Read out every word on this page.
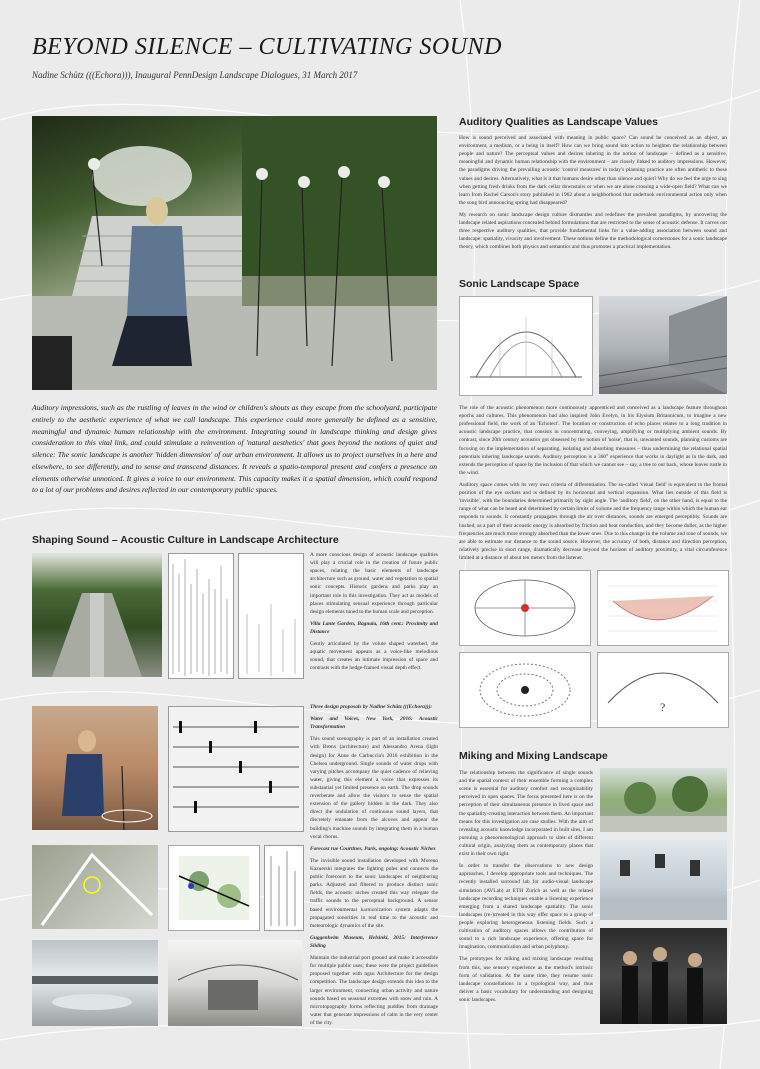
BEYOND SILENCE – CULTIVATING SOUND
Nadine Schütz (((Echora))), Inaugural PennDesign Landscape Dialogues, 31 March 2017
Auditory impressions, such as the rustling of leaves in the wind or children's shouts as they escape from the schoolyard, participate entirely to the aesthetic experience of what we call landscape. This experience could more generally be defined as a sensitive, meaningful and dynamic human relationship with the environment. Integrating sound in landscape thinking and design gives consideration to this vital link, and could stimulate a reinvention of 'natural aesthetics' that goes beyond the notions of quiet and silence: The sonic landscape is another 'hidden dimension' of our urban environment. It allows us to project ourselves in a here and elsewhere, to see differently, and to sense and transcend distances. It reveals a spatio-temporal present and confers a presence on elements otherwise unnoticed. It gives a voice to our environment. This capacity makes it a spatial dimension, which could respond to a lot of our problems and desires reflected in our contemporary public spaces.
Shaping Sound – Acoustic Culture in Landscape Architecture

A more conscious design of acoustic landscape qualities will play a crucial role in the creation of future public spaces, relating the basic elements of landscape architecture such as ground, water and vegetation to spatial sonic concepts. Historic gardens and parks play an important role in this investigation. They act as models of places stimulating sensual experience through particular design elements tuned to the human scale and perception.

Villa Lante Garden, Bagnaia, 16th cent.: Proximity and Distance

Gently articulated by the volute shaped waterbed, the aquatic movement appears as a voice-like melodious sound, that creates an intimate impression of space and contrasts with the hedge-framed visual depth effect.

Three design proposals by Nadine Schütz (((Echora))):

Water and Voices, New York, 2016: Acoustic Transformation

This sound scenography is part of an installation created with Bronx (architecture) and Alessandro Arena (light design) for Anne de Carbuccia's 2016 exhibition in the Chelsea underground. Single sounds of water drops with varying pitches accompany the quiet cadence of relieving water, giving this element a voice that expresses its substantial yet limited presence on earth. The drop sounds reverberate and allow the visitors to sense the spatial extension of the gallery hidden in the dark. They also direct the undulation of continuous sound layers, that discretely emanate from the alcoves and appear the building's machine sounds by integrating them in a human vocal chorus.

Forecast rue Courtines, Paris, ongoing: Acoustic Niches

The invisible sound installation developed with Moreno Kazuerski integrates the lighting poles and connects the public forecourt to the sonic landscapes of neighboring parks. Adjusted and filtered to produce distinct sonic fields, the acoustic niches created this way relegate the traffic sounds to the perceptual background. A sensor based environmental harmonization system adapts the propagated sonorities in real time to the acoustic and meteorologic dynamics of the site.

Guggenheim Museum, Helsinki, 2015: Interference Sliding

Maintain the industrial port ground and make it accessible for multiple public uses; these were the project guidelines proposed together with ngsu Architecture for the design competition. The landscape design extends this idea to the larger environment, connecting urban activity and nature sounds based on seasonal extremes with snow and rain. A microtopography forms reflecting puddles from drainage water that generate impressions of calm in the very center of the city.

Auditory Qualities as Landscape Values

How is sound perceived and associated with meaning in public space? Can sound be conceived as an object, an environment, a medium, or a being in itself? How can we bring sound into action to heighten the relationship between people and nature? The perceptual values and desires inhering in the notion of landscape – defined as a sensitive, meaningful and dynamic human relationship with the environment – are closely linked to auditory impressions. However, the paradigms driving the prevailing acoustic 'control measures' in today's planning practice are often antithetic to these values and desires. Alternatively, what is it that humans desire other than silence and quiet? Why do we feel the urge to sing when getting fresh drinks from the dark cellar downstairs or when we are alone crossing a wide-open field? What can we learn from Rachel Carson's story published in 1962 about a neighborhood that undertook environmental action only when the song bird announcing spring had disappeared?

My research on sonic landscape design culture dismantles and redefines the prevalent paradigms, by uncovering the landscape related aspirations concealed behind formulations that are restricted to the sense of acoustic defense. It carves out three respective auditory qualities, that provide fundamental links for a value-adding association between sound and landscape: spatiality, vivacity and involvement. These notions define the methodological cornerstones for a sonic landscape theory, which combines both physics and semantics and thus promotes a practical implementation.

Sonic Landscape Space

The role of the acoustic phenomenon more continuously apprenticed and conceived as a landscape feature throughout epochs and cultures. This phenomenon had also inspired John Evelyn, in his Elysium Britannicum, to imagine a new professional field, the work of an 'Echotect'. The location or construction of echo places relates to a long tradition in acoustic landscape practice, that consists in concentrating, conveying, amplifying or multiplying ambient sounds. By contrast, since 20th century acoustics got obsessed by the notion of 'noise', that is, unwanted sounds, planning customs are focusing on the implementation of separating, isolating and absorbing measures – thus undermining the relational spatial potentials inhering landscape sounds. Auditory perception is a 360° experience that works in daylight as in the dark, and extends the perception of space by the inclusion of that which we cannot see – say, a tree to our back, whose leaves rustle in the wind.

Auditory space comes with its very own criteria of differentiation. The so-called 'visual field' is equivalent to the frontal position of the eye sockets and is defined by its horizontal and vertical expansion. What lies outside of this field is 'invisible', with the boundaries determined primarily by sight angle. The 'auditory field', on the other hand, is equal to the range of what can be heard and determined by certain limits of volume and the frequency range within which the human ear responds to sounds. It constantly propagates through the air over distances, sounds are emerged perceptibly. Sounds are hushed, as a part of their acoustic energy is absorbed by friction and heat conduction, and they become duller, as the higher frequencies are much more strongly absorbed than the lower ones. Due to this change in the volume and tone of sounds, we are able to estimate our distance to the sound source. However, the accuracy of both, distance and direction perception, relatively precise in short range, dramatically decrease beyond the horizon of auditory proximity, a vital circumference limited at a distance of about ten meters from the listener.

?
Miking and Mixing Landscape

The relationship between the significance of single sounds and the spatial context of their ensemble forming a complex scene is essential for auditory comfort and recognizability perceived in open spaces. The focus presented here is on the perception of their simultaneous presence in lived space and the spatiality-creating interaction between them. An important means for this investigation are case studies. With the aim of revealing acoustic knowledge incorporated in built sites, I am pursuing a phenomenological approach to sites of different cultural origin, analyzing them as contemporary places that exist in their own right.

In order to transfer the observations to new design approaches, I develop appropriate tools and techniques. The recently installed surround lab for audio-visual landscape simulation (AVLab) at ETH Zurich as well as the related landscape recording techniques enable a listening experience emerging from a shared landscape spatiality. The sonic landscapes (re-)created in this way offer space to a group of people exploring heterogeneous listening fields. Such a cultivation of auditory spaces allows the contribution of sound to a rich landscape experience, offering space for imagination, communication and urban polyphony.

The prototypes for miking and mixing landscape resulting from this, use sensory experience as the method's intrinsic form of validation. At the same time, they resume sonic landscape constellations in a typological way, and thus deliver a basic vocabulary for understanding and designing sonic landscapes.
